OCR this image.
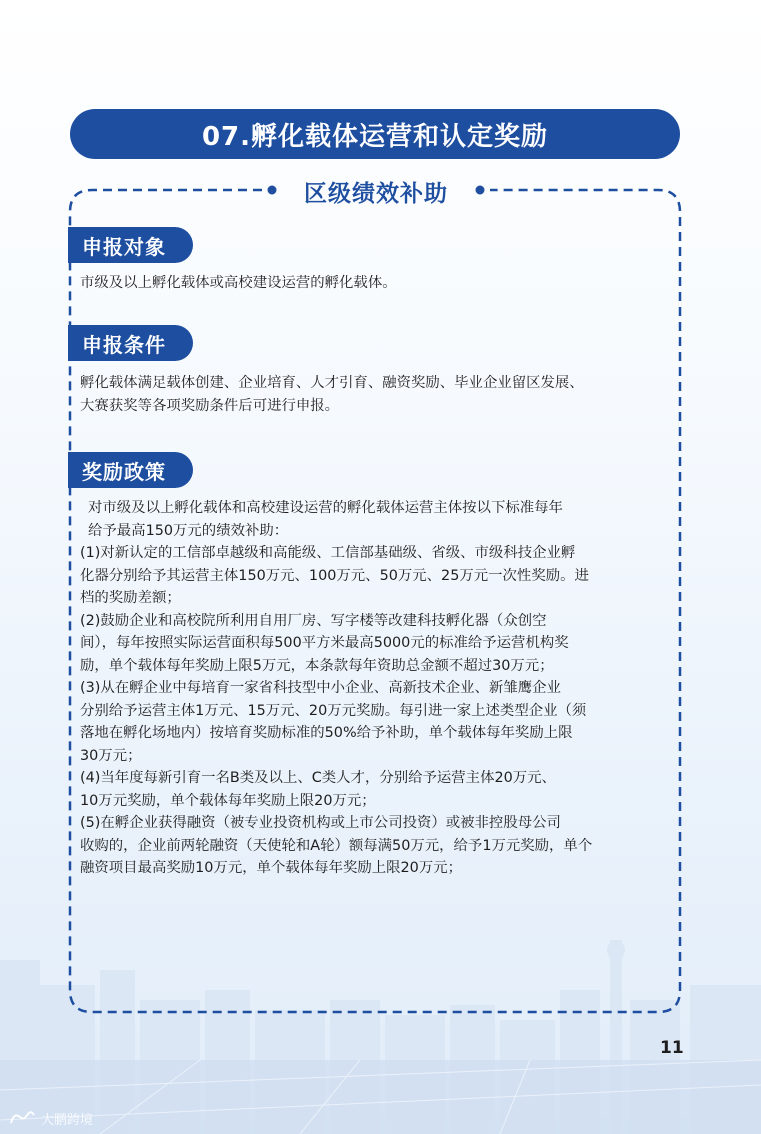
07.孵化载体运营和认定奖励
区级绩效补助
申报对象

市级及以上孵化载体或高校建设运营的孵化载体。

申报条件

孵化载体满足载体创建、企业培育、人才引育、融资奖励、毕业企业留区发展、

大赛获奖等各项奖励条件后可进行申报。

奖励政策

对市级及以上孵化载体和高校建设运营的孵化载体运营主体按以下标准每年

给予最高150万元的绩效补助：

(1)对新认定的工信部卓越级和高能级、工信部基础级、省级、市级科技企业孵

化器分别给予其运营主体150万元、100万元、50万元、25万元一次性奖励。进

档的奖励差额；

(2)鼓励企业和高校院所利用自用厂房、写字楼等改建科技孵化器（众创空

间），每年按照实际运营面积每500平方米最高5000元的标准给予运营机构奖

励，单个载体每年奖励上限5万元，本条款每年资助总金额不超过30万元；

(3)从在孵企业中每培育一家省科技型中小企业、高新技术企业、新雏鹰企业

分别给予运营主体1万元、15万元、20万元奖励。每引进一家上述类型企业（须

落地在孵化场地内）按培育奖励标准的50%给予补助，单个载体每年奖励上限

30万元；

(4)当年度每新引育一名B类及以上、C类人才，分别给予运营主体20万元、

10万元奖励，单个载体每年奖励上限20万元；

(5)在孵企业获得融资（被专业投资机构或上市公司投资）或被非控股母公司

收购的，企业前两轮融资（天使轮和A轮）额每满50万元，给予1万元奖励，单个

融资项目最高奖励10万元，单个载体每年奖励上限20万元；

11
大鹏跨境
